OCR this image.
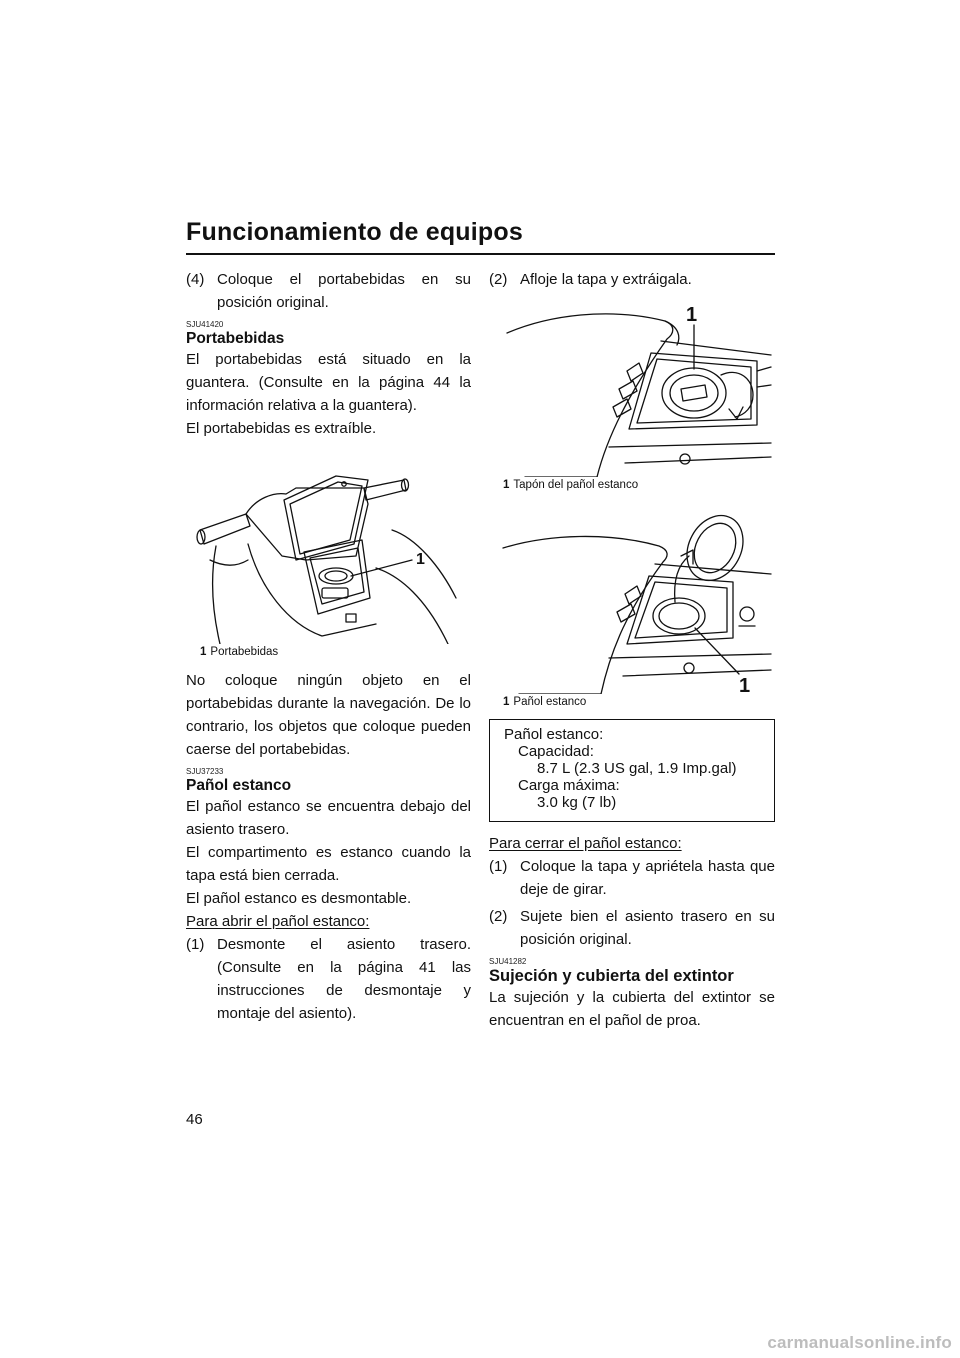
Funcionamiento de equipos
(4) Coloque el portabebidas en su posición original.
SJU41420
Portabebidas

El portabebidas está situado en la guantera. (Consulte en la página 44 la información relativa a la guantera).

El portabebidas es extraíble.

1
1 Portabebidas

No coloque ningún objeto en el portabebidas durante la navegación. De lo contrario, los objetos que coloque pueden caerse del portabebidas.

SJU37233
Pañol estanco

El pañol estanco se encuentra debajo del asiento trasero.

El compartimento es estanco cuando la tapa está bien cerrada.

El pañol estanco es desmontable.

Para abrir el pañol estanco:

(1) Desmonte el asiento trasero. (Consulte en la página 41 las instrucciones de desmontaje y montaje del asiento).
(2) Afloje la tapa y extráigala.
1
1 Tapón del pañol estanco
1
1 Pañol estanco
Pañol estanco:
Capacidad:
8.7 L (2.3 US gal, 1.9 Imp.gal)
Carga máxima:
3.0 kg (7 lb)

Para cerrar el pañol estanco:

(1) Coloque la tapa y apriételа hasta que deje de girar.
(2) Sujete bien el asiento trasero en su posición original.
SJU41282
Sujeción y cubierta del extintor

La sujeción y la cubierta del extintor se encuentran en el pañol de proa.

46
carmanualsonline.info
